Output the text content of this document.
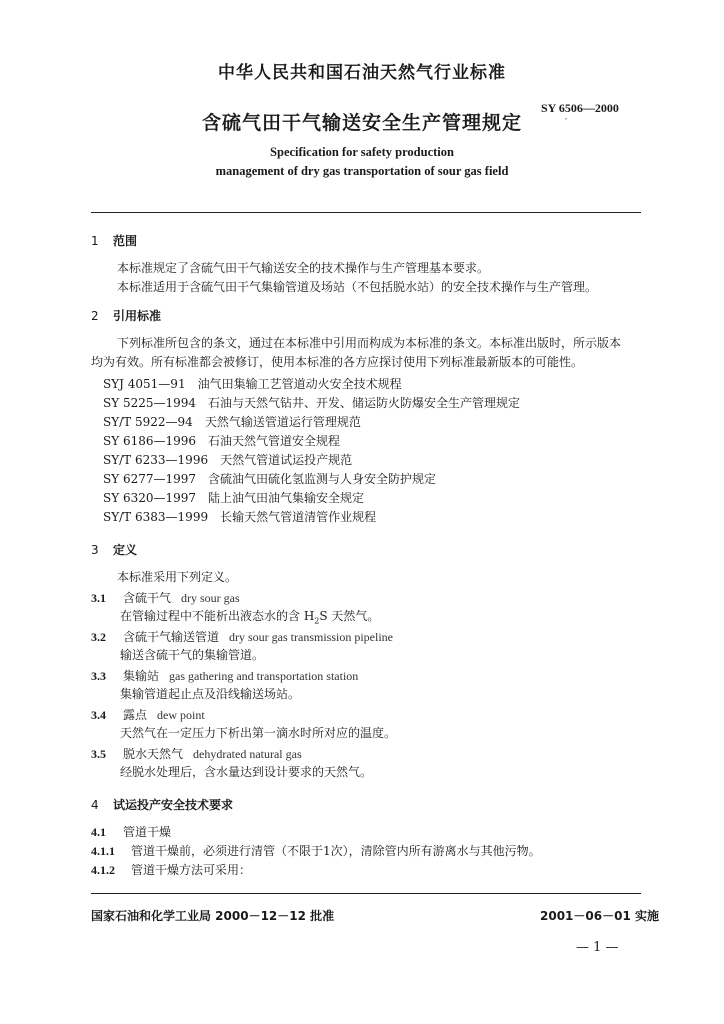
中华人民共和国石油天然气行业标准
含硫气田干气输送安全生产管理规定
SY 6506—2000
′
Specification for safety production
management of dry gas transportation of sour gas field
1 范围
本标准规定了含硫气田干气输送安全的技术操作与生产管理基本要求。
本标准适用于含硫气田干气集输管道及场站（不包括脱水站）的安全技术操作与生产管理。
2 引用标准
下列标准所包含的条文，通过在本标准中引用而构成为本标准的条文。本标准出版时，所示版本
均为有效。所有标准都会被修订，使用本标准的各方应探讨使用下列标准最新版本的可能性。
SYJ 4051—91　油气田集输工艺管道动火安全技术规程
SY 5225—1994　石油与天然气钻井、开发、储运防火防爆安全生产管理规定
SY/T 5922—94　天然气输送管道运行管理规范
SY 6186—1996　石油天然气管道安全规程
SY/T 6233—1996　天然气管道试运投产规范
SY 6277—1997　含硫油气田硫化氢监测与人身安全防护规定
SY 6320—1997　陆上油气田油气集输安全规定
SY/T 6383—1999　长输天然气管道清管作业规程
3 定义
本标准采用下列定义。
3.1 含硫干气 dry sour gas
在管输过程中不能析出液态水的含 $H_2S$ 天然气。
3.2 含硫干气输送管道 dry sour gas transmission pipeline
输送含硫干气的集输管道。
3.3 集输站 gas gathering and transportation station
集输管道起止点及沿线输送场站。
3.4 露点 dew point
天然气在一定压力下析出第一滴水时所对应的温度。
3.5 脱水天然气 dehydrated natural gas
经脱水处理后，含水量达到设计要求的天然气。
4 试运投产安全技术要求
4.1 管道干燥
4.1.1 管道干燥前，必须进行清管（不限于1次），清除管内所有游离水与其他污物。
4.1.2 管道干燥方法可采用：
国家石油和化学工业局 2000－12－12 批准	2001－06－01 实施
— 1 —
